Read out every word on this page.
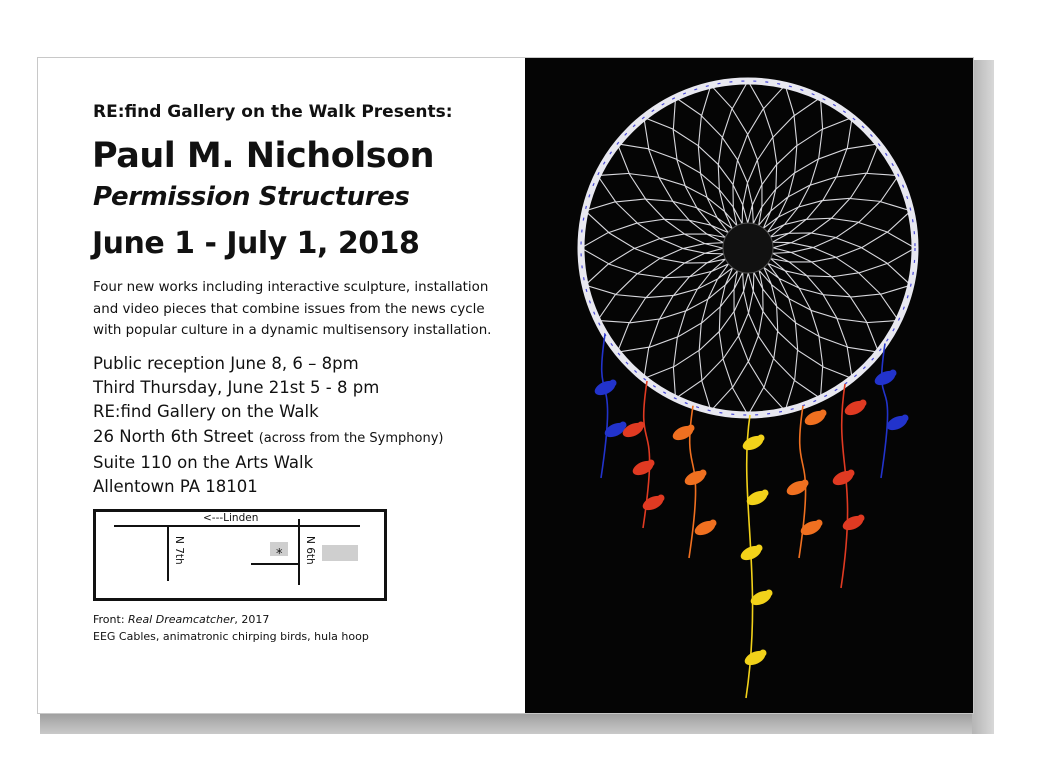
RE:find Gallery on the Walk Presents:
Paul M. Nicholson
Permission Structures
June 1 - July 1, 2018
Four new works including interactive sculpture, installation
and video pieces that combine issues from the news cycle
with popular culture in a dynamic multisensory installation.
Public reception June 8, 6 – 8pm
Third Thursday, June 21st 5 - 8 pm
RE:find Gallery on the Walk
26 North 6th Street (across from the Symphony)
Suite 110 on the Arts Walk
Allentown PA 18101
<---Linden
N 7th	N 6th
*
Front: Real Dreamcatcher, 2017
EEG Cables, animatronic chirping birds, hula hoop
